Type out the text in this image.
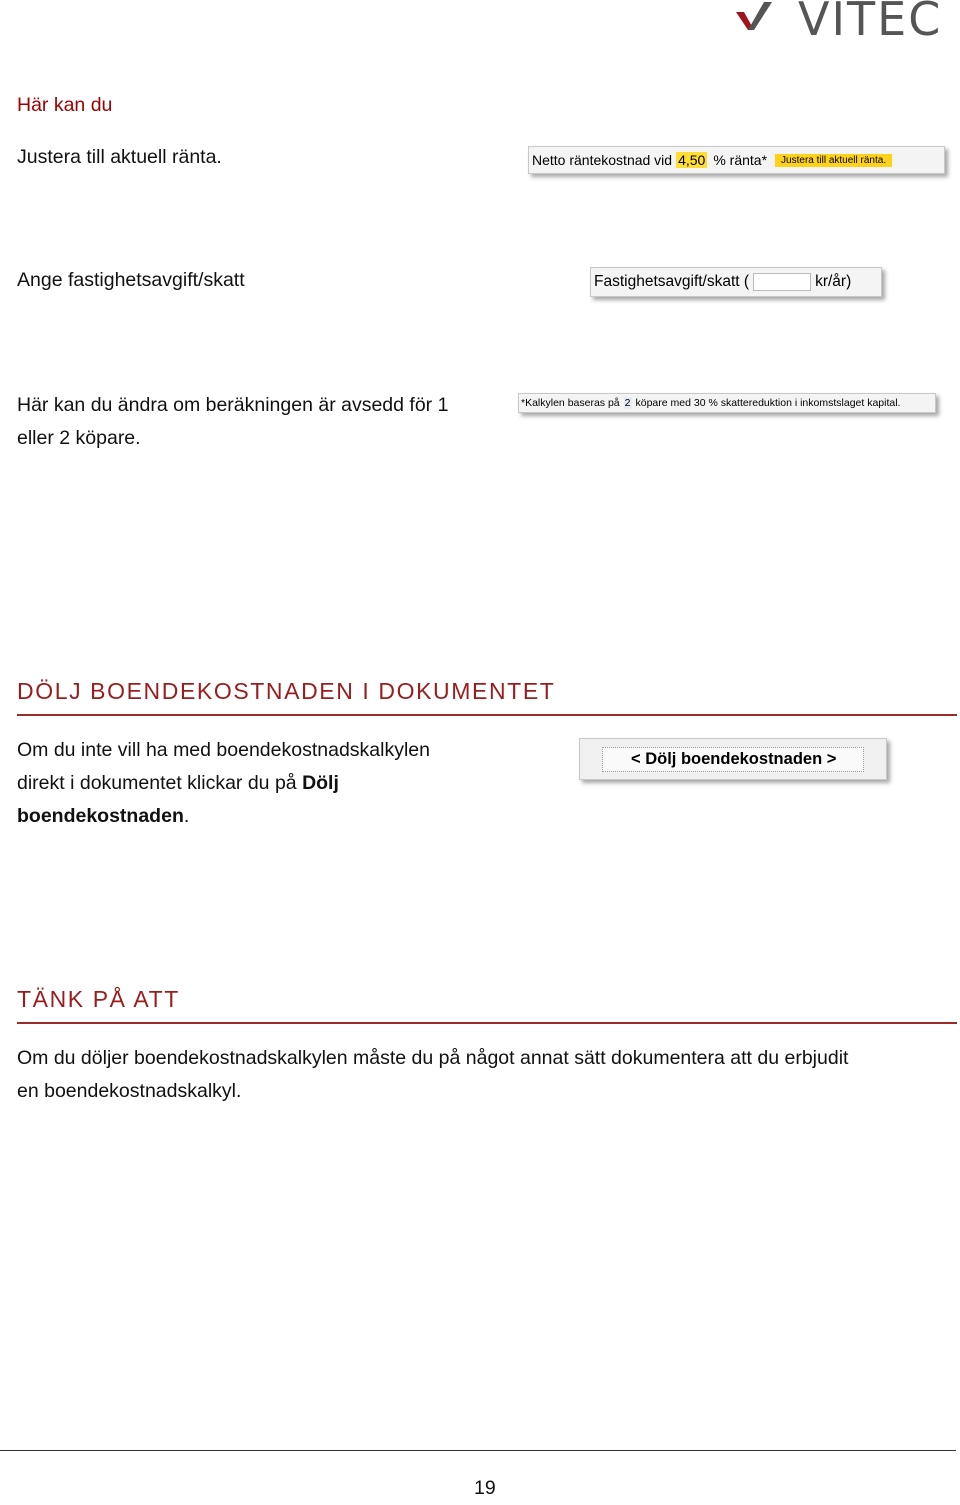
VITEC
Här kan du
Justera till aktuell ränta.	Netto räntekostnad vid 4,50 % ränta*	Justera till aktuell ränta.
Ange fastighetsavgift/skatt	Fastighetsavgift/skatt (	kr/år)
Här kan du ändra om beräkningen är avsedd för 1
eller 2 köpare.
*Kalkylen baseras på 2 köpare med 30 % skattereduktion i inkomstslaget kapital.
DÖLJ BOENDEKOSTNADEN I DOKUMENTET
Om du inte vill ha med boendekostnadskalkylen
direkt i dokumentet klickar du på Dölj
boendekostnaden.
< Dölj boendekostnaden >
TÄNK PÅ ATT
Om du döljer boendekostnadskalkylen måste du på något annat sätt dokumentera att du erbjudit
en boendekostnadskalkyl.
19
